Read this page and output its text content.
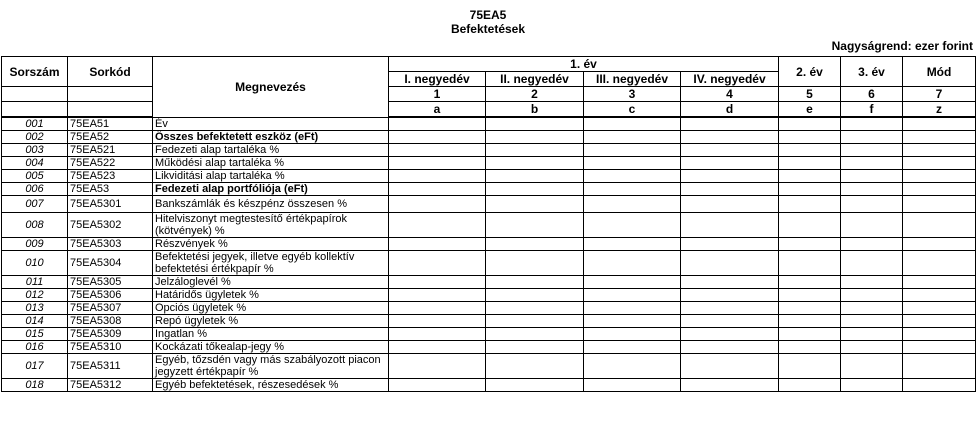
75EA5
Befektetések
Nagyságrend: ezer forint
Sorszám	Sorkód	Megnevezés	1. év				2. év	3. év	Mód
			I. negyedév	II. negyedév	III. negyedév	IV. negyedév			
			1	2	3	4	5	6	7
			a	b	c	d	e	f	z
001	75EA51	Év							
002	75EA52	Összes befektetett eszköz (eFt)							
003	75EA521	Fedezeti alap tartaléka %							
004	75EA522	Működési alap tartaléka %							
005	75EA523	Likviditási alap tartaléka %							
006	75EA53	Fedezeti alap portfóliója (eFt)							
007	75EA5301	Bankszámlák és készpénz összesen %							
008	75EA5302	Hitelviszonyt megtestesítő értékpapírok (kötvények) %							
009	75EA5303	Részvények %							
010	75EA5304	Befektetési jegyek, illetve egyéb kollektív befektetési értékpapír %							
011	75EA5305	Jelzáloglevél %							
012	75EA5306	Határidős ügyletek %							
013	75EA5307	Opciós ügyletek %							
014	75EA5308	Repó ügyletek %							
015	75EA5309	Ingatlan %							
016	75EA5310	Kockázati tőkealap-jegy %							
017	75EA5311	Egyéb, tőzsdén vagy más szabályozott piacon jegyzett értékpapír %							
018	75EA5312	Egyéb befektetések, részesedések %							
